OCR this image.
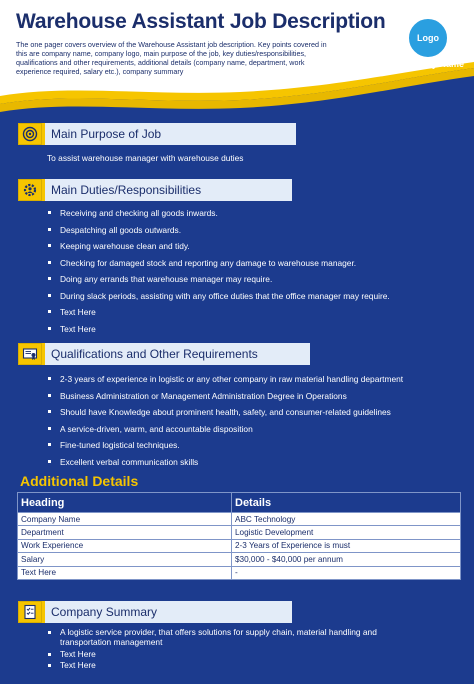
Warehouse Assistant Job Description
The one pager covers overview of the Warehouse Assistant job description. Key points covered in this are company name, company logo, main purpose of the job, key duties/responsibilities, qualifications and other requirements, additional details (company name, department, work experience required, salary etc.), company summary
Logo
Company Name
Main Purpose of Job
To assist warehouse manager with warehouse duties
Main Duties/Responsibilities
Receiving and checking all goods inwards.
Despatching all goods outwards.
Keeping warehouse clean and tidy.
Checking for damaged stock and reporting any damage to warehouse manager.
Doing any errands that warehouse manager may require.
During slack periods, assisting with any office duties that the office manager may require.
Text Here
Text Here
Qualifications and Other Requirements
2-3 years of experience in logistic or any other company in raw material handling department
Business Administration or Management Administration Degree in Operations
Should have Knowledge about prominent health, safety, and consumer-related guidelines
A service-driven, warm, and accountable disposition
Fine-tuned logistical techniques.
Excellent verbal communication skills
Additional Details
Heading	Details
Company Name	ABC Technology
Department	Logistic Development
Work Experience	2-3 Years of Experience is must
Salary	$30,000 - $40,000 per annum
Text Here	-
Company Summary
A logistic service provider, that offers solutions for supply chain, material handling and transportation management
Text Here
Text Here
